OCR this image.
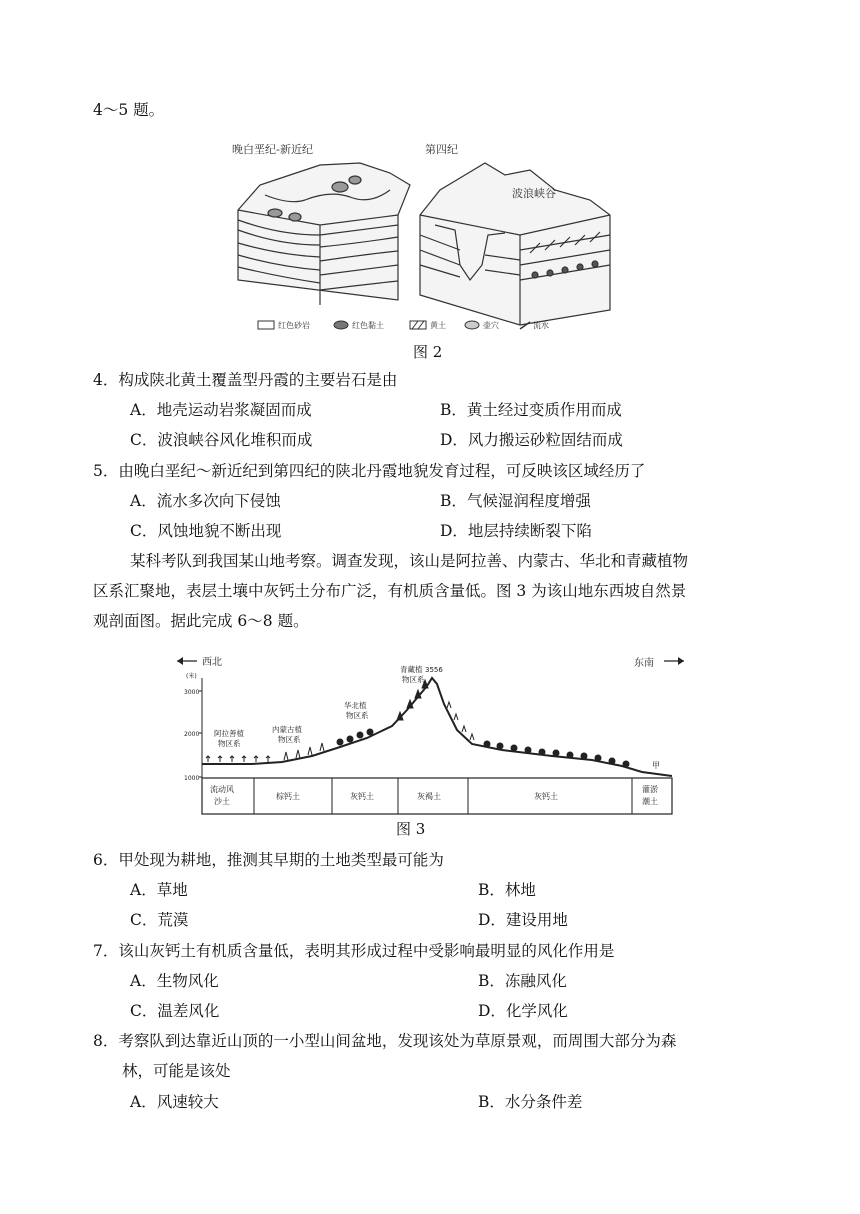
4～5 题。
晚白垩纪-新近纪	第四纪
波浪峡谷
红色砂岩	红色黏土	黄土	壶穴	流水
图 2
4．构成陕北黄土覆盖型丹霞的主要岩石是由
A．地壳运动岩浆凝固而成	B．黄土经过变质作用而成
C．波浪峡谷风化堆积而成	D．风力搬运砂粒固结而成
5．由晚白垩纪～新近纪到第四纪的陕北丹霞地貌发育过程，可反映该区域经历了
A．流水多次向下侵蚀	B．气候湿润程度增强
C．风蚀地貌不断出现	D．地层持续断裂下陷
某科考队到我国某山地考察。调查发现，该山是阿拉善、内蒙古、华北和青藏植物
区系汇聚地，表层土壤中灰钙土分布广泛，有机质含量低。图 3 为该山地东西坡自然景
观剖面图。据此完成 6～8 题。
西北	东南
(米)
3000
2000
1000
3556
阿拉善植物区系
内蒙古植物区系
华北植物区系
青藏植物区系
甲
流动风沙土
棕钙土	灰钙土	灰褐土	灰钙土
灌淤潮土
图 3
6．甲处现为耕地，推测其早期的土地类型最可能为
A．草地	B．林地
C．荒漠	D．建设用地
7．该山灰钙土有机质含量低，表明其形成过程中受影响最明显的风化作用是
A．生物风化	B．冻融风化
C．温差风化	D．化学风化
8．考察队到达靠近山顶的一小型山间盆地，发现该处为草原景观，而周围大部分为森
林，可能是该处
A．风速较大	B．水分条件差
